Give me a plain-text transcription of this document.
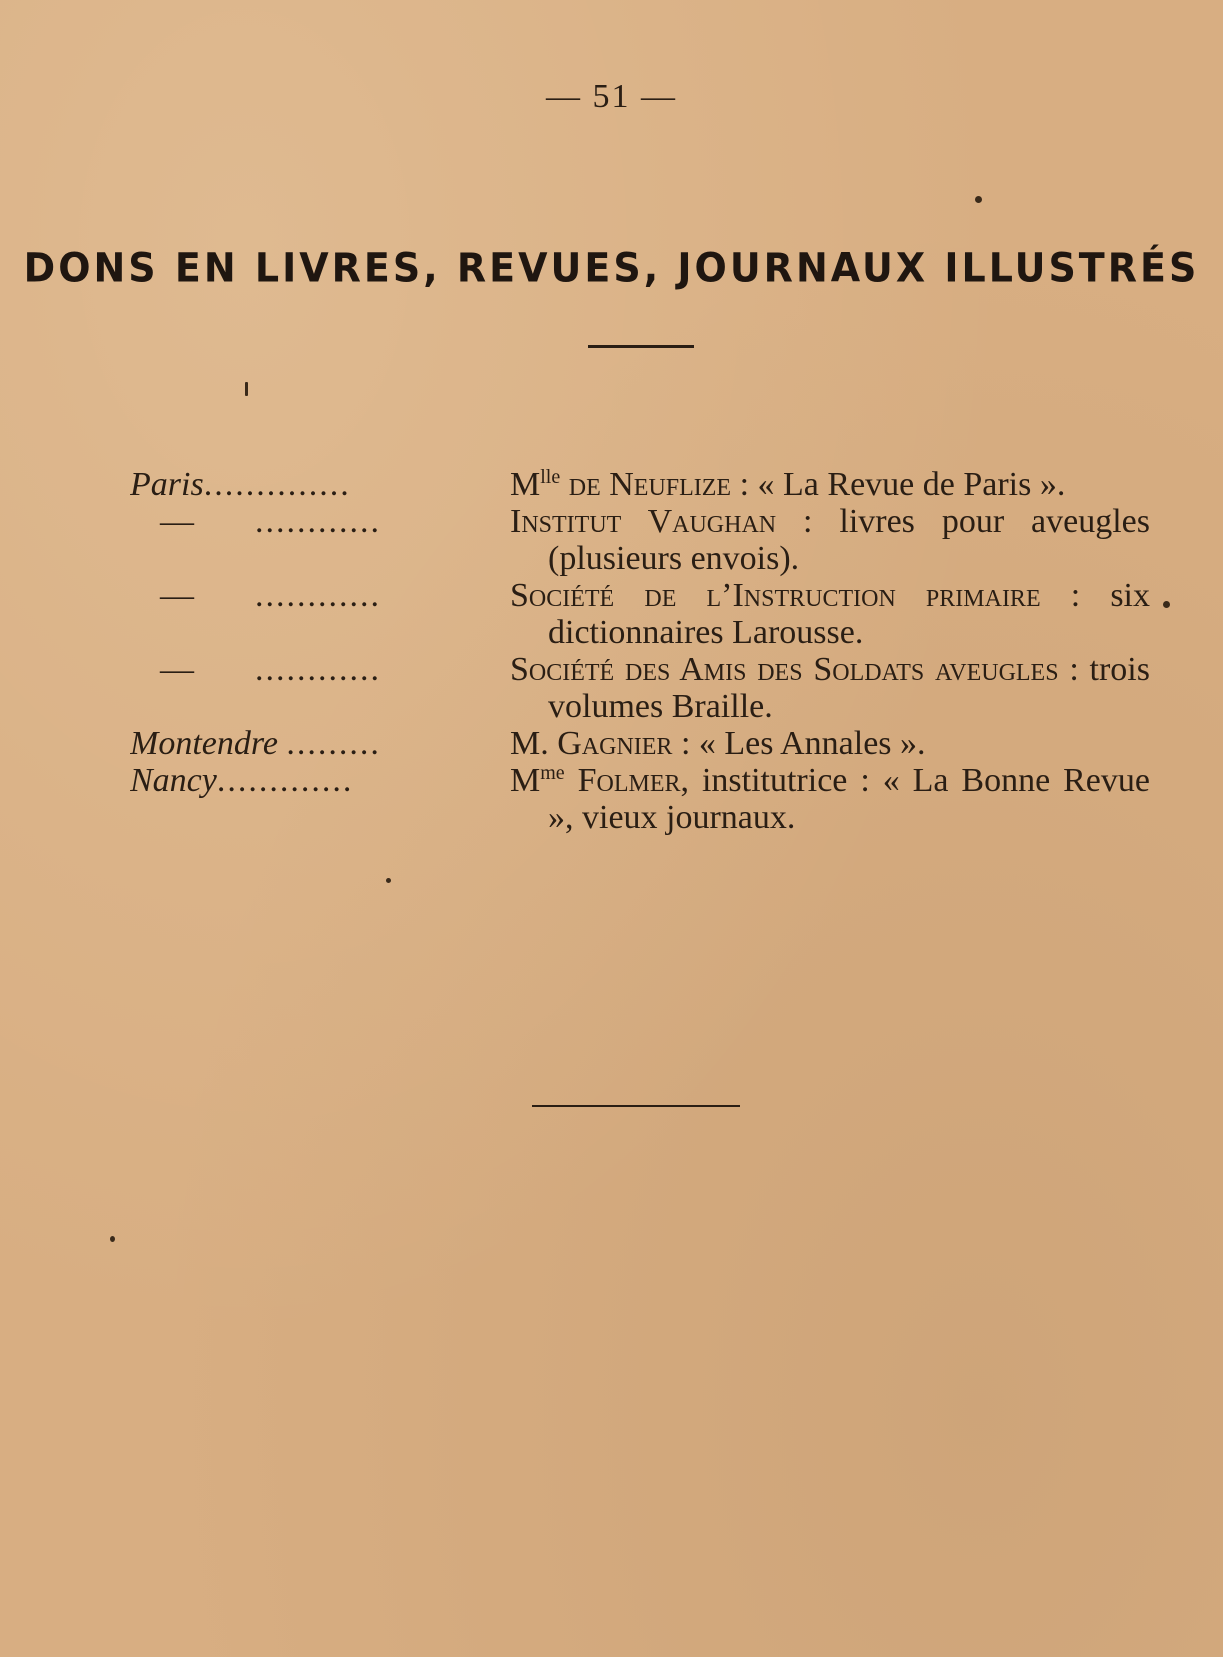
— 51 —
DONS EN LIVRES, REVUES, JOURNAUX ILLUSTRÉS
Paris..............	$M^{lle}$ de Neuflize : « La Revue de Paris ».
— ............	Institut Vaughan : livres pour aveugles (plusieurs envois).
— ............	Société de l’Instruction primaire : six dictionnaires Larousse.
— ............	Société des Amis des Soldats aveugles : trois volumes Braille.
Montendre .........	M. Gagnier : « Les Annales ».
Nancy.............	$M^{me}$ Folmer, institutrice : « La Bonne Revue », vieux journaux.
